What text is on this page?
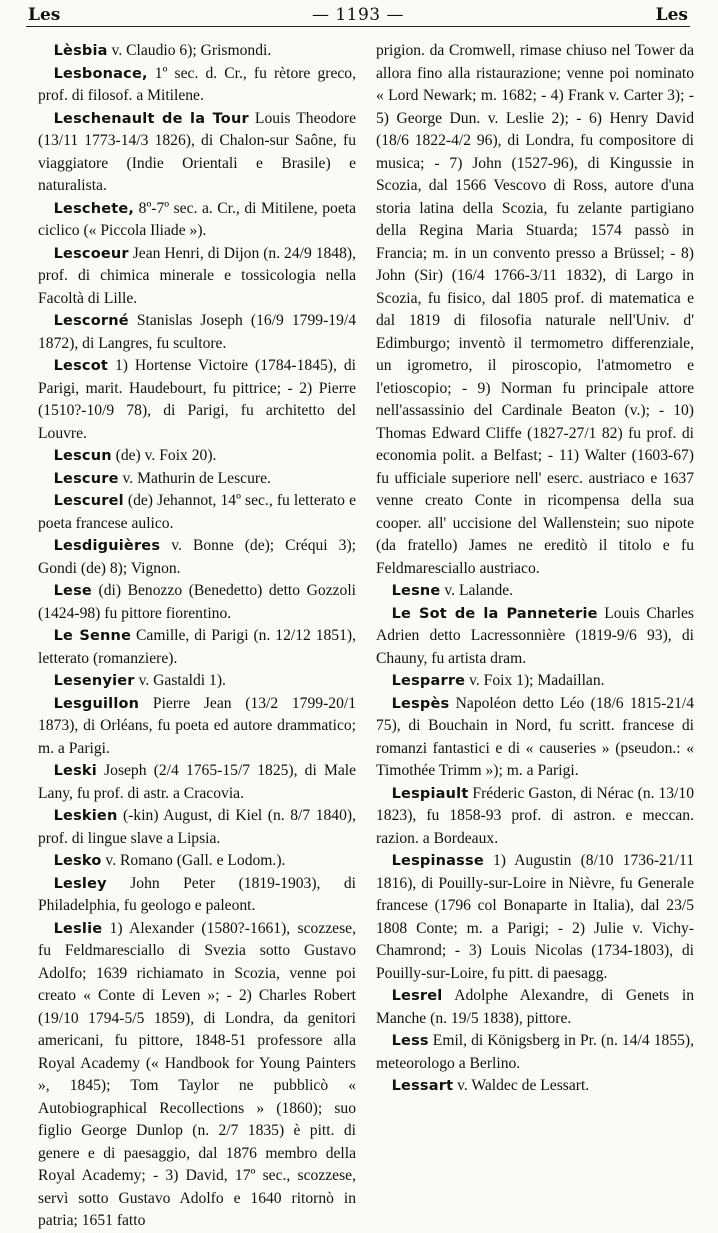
Les	— 1193 —	Les

Lèsbia v. Claudio 6); Grismondi.

Lesbonace, 1º sec. d. Cr., fu rètore greco, prof. di filosof. a Mitilene.

Leschenault de la Tour Louis Theodore (13/11 1773-14/3 1826), di Chalon-sur Saône, fu viaggiatore (Indie Orientali e Brasile) e naturalista.

Leschete, 8º-7º sec. a. Cr., di Mitilene, poeta ciclico (« Piccola Iliade »).

Lescoeur Jean Henri, di Dijon (n. 24/9 1848), prof. di chimica minerale e tossicologia nella Facoltà di Lille.

Lescorné Stanislas Joseph (16/9 1799-19/4 1872), di Langres, fu scultore.

Lescot 1) Hortense Victoire (1784-1845), di Parigi, marit. Haudebourt, fu pittrice; - 2) Pierre (1510?-10/9 78), di Parigi, fu architetto del Louvre.

Lescun (de) v. Foix 20).

Lescure v. Mathurin de Lescure.

Lescurel (de) Jehannot, 14º sec., fu letterato e poeta francese aulico.

Lesdiguières v. Bonne (de); Créqui 3); Gondi (de) 8); Vignon.

Lese (di) Benozzo (Benedetto) detto Gozzoli (1424-98) fu pittore fiorentino.

Le Senne Camille, di Parigi (n. 12/12 1851), letterato (romanziere).

Lesenyier v. Gastaldi 1).

Lesguillon Pierre Jean (13/2 1799-20/1 1873), di Orléans, fu poeta ed autore drammatico; m. a Parigi.

Leski Joseph (2/4 1765-15/7 1825), di Male Lany, fu prof. di astr. a Cracovia.

Leskien (-kin) August, di Kiel (n. 8/7 1840), prof. di lingue slave a Lipsia.

Lesko v. Romano (Gall. e Lodom.).

Lesley John Peter (1819-1903), di Philadelphia, fu geologo e paleont.

Leslie 1) Alexander (1580?-1661), scozzese, fu Feldmaresciallo di Svezia sotto Gustavo Adolfo; 1639 richiamato in Scozia, venne poi creato « Conte di Leven »; - 2) Charles Robert (19/10 1794-5/5 1859), di Londra, da genitori americani, fu pittore, 1848-51 professore alla Royal Academy (« Handbook for Young Painters », 1845); Tom Taylor ne pubblicò « Autobiographical Recollections » (1860); suo figlio George Dunlop (n. 2/7 1835) è pitt. di genere e di paesaggio, dal 1876 membro della Royal Academy; - 3) David, 17º sec., scozzese, servì sotto Gustavo Adolfo e 1640 ritornò in patria; 1651 fatto

prigion. da Cromwell, rimase chiuso nel Tower da allora fino alla ristaurazione; venne poi nominato « Lord Newark; m. 1682; - 4) Frank v. Carter 3); - 5) George Dun. v. Leslie 2); - 6) Henry David (18/6 1822-4/2 96), di Londra, fu compositore di musica; - 7) John (1527-96), di Kingussie in Scozia, dal 1566 Vescovo di Ross, autore d'una storia latina della Scozia, fu zelante partigiano della Regina Maria Stuarda; 1574 passò in Francia; m. in un convento presso a Brüssel; - 8) John (Sir) (16/4 1766-3/11 1832), di Largo in Scozia, fu fisico, dal 1805 prof. di matematica e dal 1819 di filosofia naturale nell'Univ. d' Edimburgo; inventò il termometro differenziale, un igrometro, il piroscopio, l'atmometro e l'etioscopio; - 9) Norman fu principale attore nell'assassinio del Cardinale Beaton (v.); - 10) Thomas Edward Cliffe (1827-27/1 82) fu prof. di economia polit. a Belfast; - 11) Walter (1603-67) fu ufficiale superiore nell' eserc. austriaco e 1637 venne creato Conte in ricompensa della sua cooper. all' uccisione del Wallenstein; suo nipote (da fratello) James ne ereditò il titolo e fu Feldmaresciallo austriaco.

Lesne v. Lalande.

Le Sot de la Panneterie Louis Charles Adrien detto Lacressonnière (1819-9/6 93), di Chauny, fu artista dram.

Lesparre v. Foix 1); Madaillan.

Lespès Napoléon detto Léo (18/6 1815-21/4 75), di Bouchain in Nord, fu scritt. francese di romanzi fantastici e di « causeries » (pseudon.: « Timothée Trimm »); m. a Parigi.

Lespiault Fréderic Gaston, di Nérac (n. 13/10 1823), fu 1858-93 prof. di astron. e meccan. razion. a Bordeaux.

Lespinasse 1) Augustin (8/10 1736-21/11 1816), di Pouilly-sur-Loire in Nièvre, fu Generale francese (1796 col Bonaparte in Italia), dal 23/5 1808 Conte; m. a Parigi; - 2) Julie v. Vichy-Chamrond; - 3) Louis Nicolas (1734-1803), di Pouilly-sur-Loire, fu pitt. di paesagg.

Lesrel Adolphe Alexandre, di Genets in Manche (n. 19/5 1838), pittore.

Less Emil, di Königsberg in Pr. (n. 14/4 1855), meteorologo a Berlino.

Lessart v. Waldec de Lessart.
